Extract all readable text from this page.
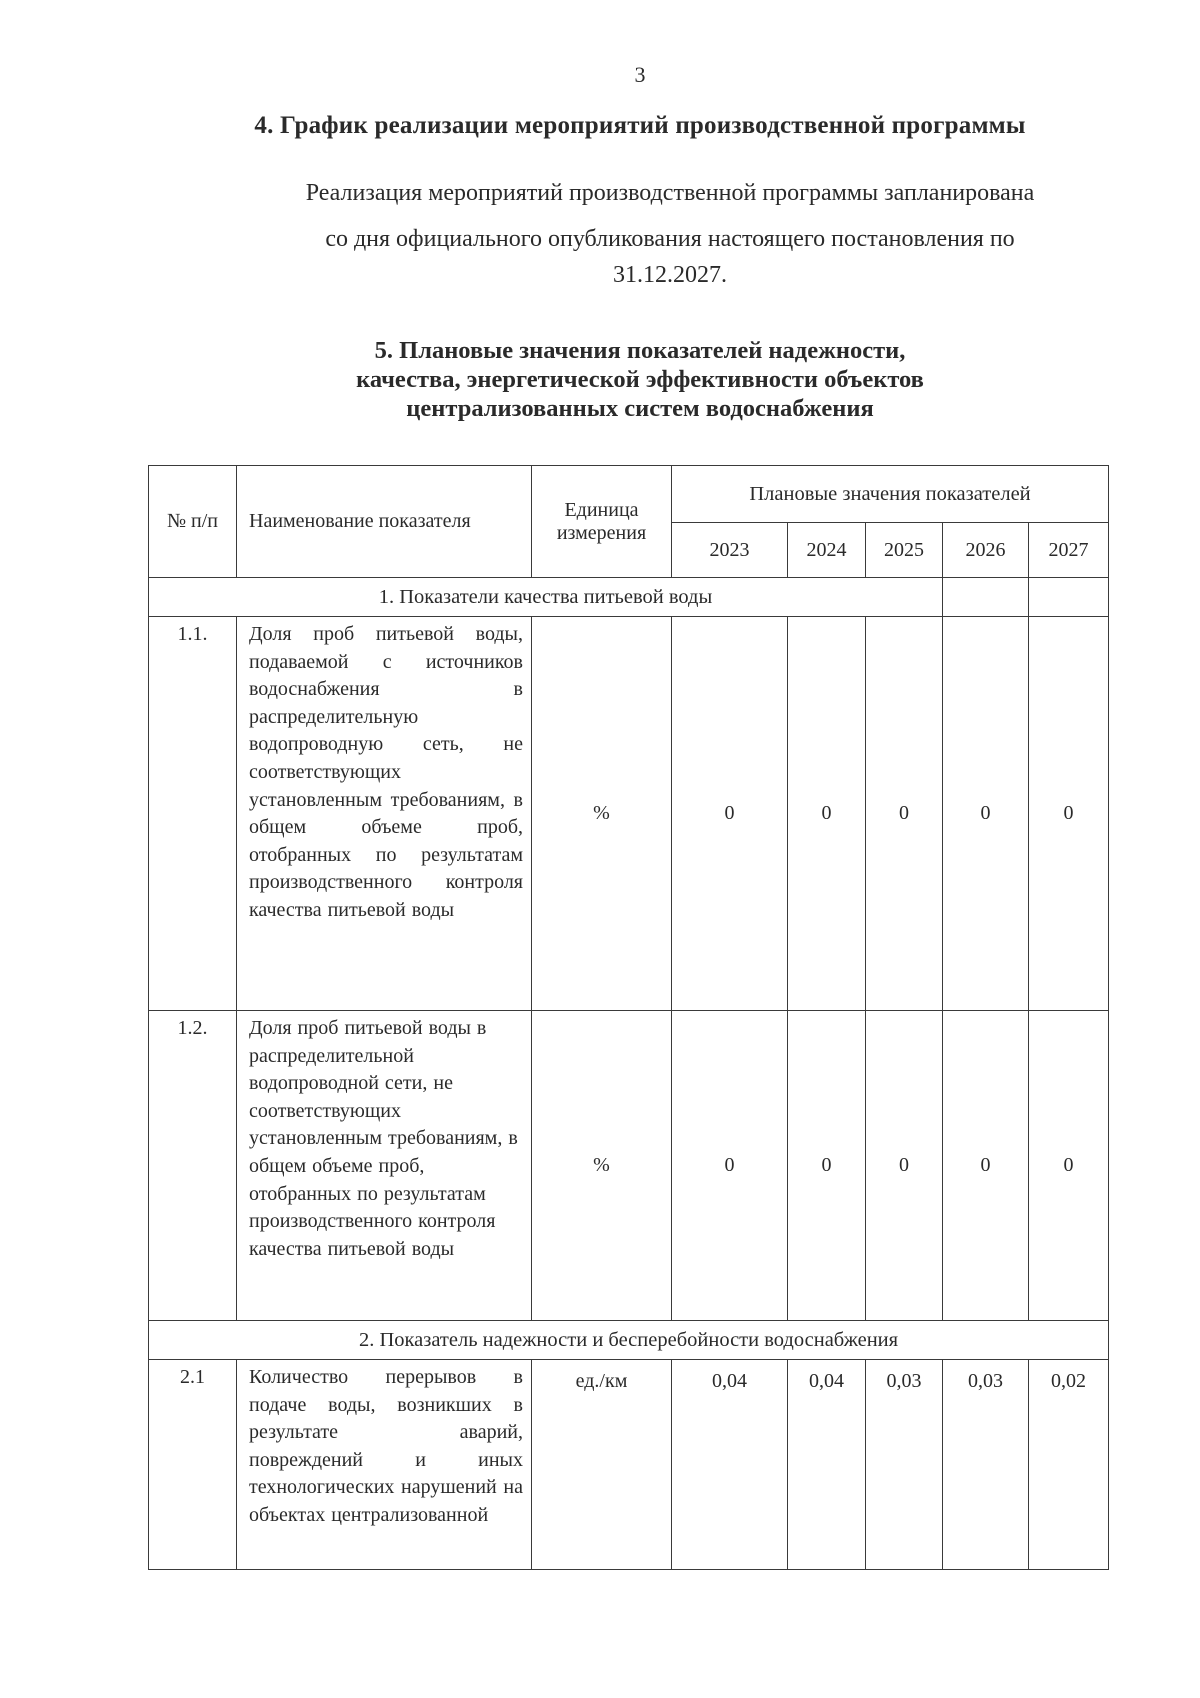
3
4. График реализации мероприятий производственной программы
Реализация мероприятий производственной программы запланирована
со дня официального опубликования настоящего постановления по
31.12.2027.
5. Плановые значения показателей надежности,
качества, энергетической эффективности объектов
централизованных систем водоснабжения
№ п/п	Наименование показателя	Единица измерения	Плановые значения показателей				
			2023	2024	2025	2026	2027
1. Показатели качества питьевой воды							
1.1.	Доля проб питьевой воды, подаваемой с источников водоснабжения в распределительную водопроводную сеть, не соответствующих установленным требованиям, в общем объеме проб, отобранных по результатам производственного контроля качества питьевой воды	%	0	0	0	0	0
1.2.	Доля проб питьевой воды в распределительной водопроводной сети, не соответствующих установленным требованиям, в общем объеме проб, отобранных по результатам производственного контроля качества питьевой воды	%	0	0	0	0	0
2. Показатель надежности и бесперебойности водоснабжения							
2.1	Количество перерывов в подаче воды, возникших в результате аварий, повреждений и иных технологических нарушений на объектах централизованной	ед./км	0,04	0,04	0,03	0,03	0,02
